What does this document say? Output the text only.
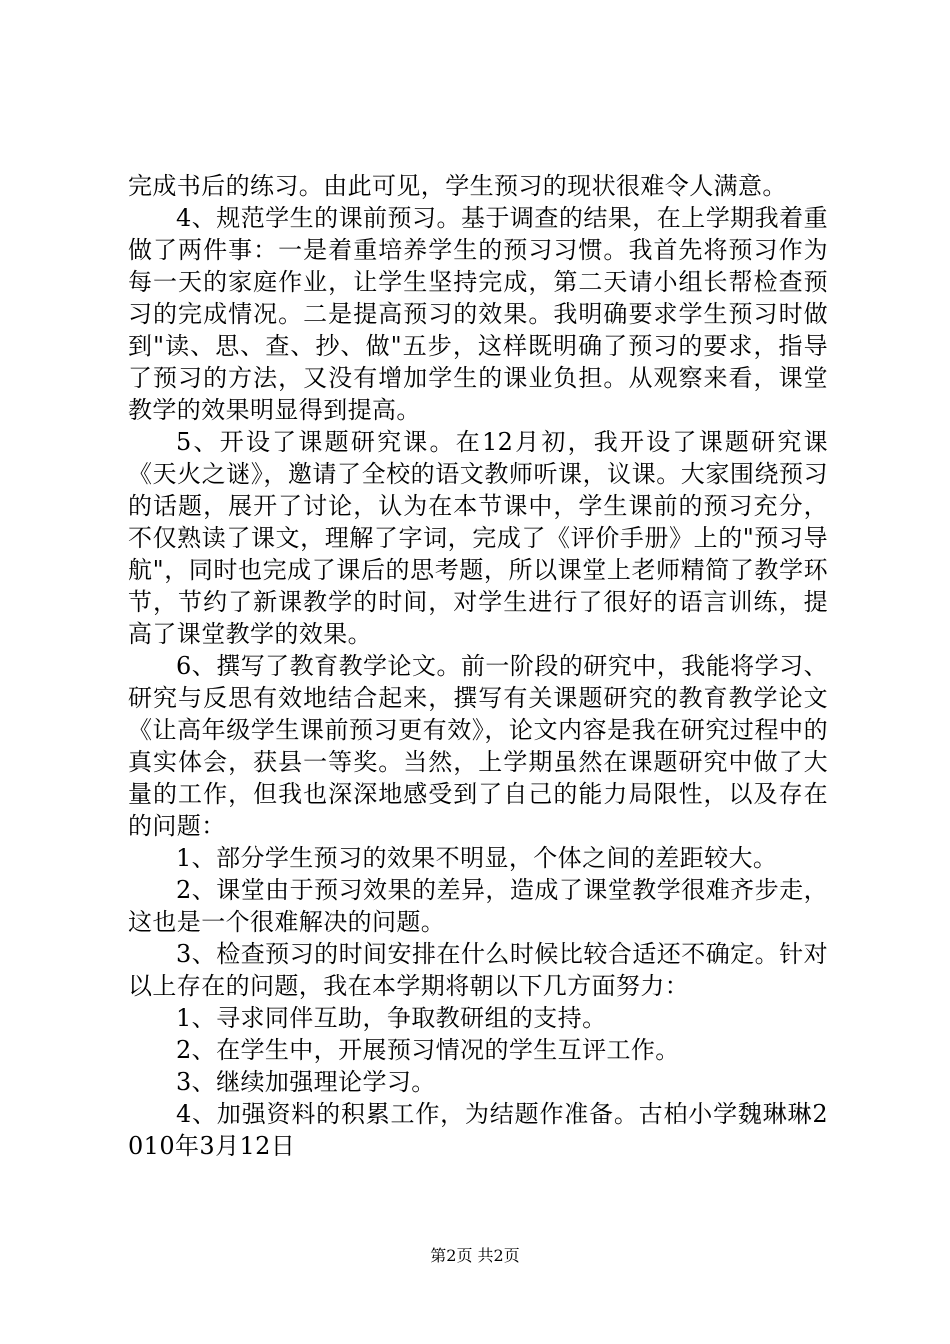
完成书后的练习。由此可见，学生预习的现状很难令人满意。

4、规范学生的课前预习。基于调查的结果，在上学期我着重做了两件事：一是着重培养学生的预习习惯。我首先将预习作为每一天的家庭作业，让学生坚持完成，第二天请小组长帮检查预习的完成情况。二是提高预习的效果。我明确要求学生预习时做到"读、思、查、抄、做"五步，这样既明确了预习的要求，指导了预习的方法，又没有增加学生的课业负担。从观察来看，课堂教学的效果明显得到提高。

5、开设了课题研究课。在12月初，我开设了课题研究课《天火之谜》，邀请了全校的语文教师听课，议课。大家围绕预习的话题，展开了讨论，认为在本节课中，学生课前的预习充分，不仅熟读了课文，理解了字词，完成了《评价手册》上的"预习导航"，同时也完成了课后的思考题，所以课堂上老师精简了教学环节，节约了新课教学的时间，对学生进行了很好的语言训练，提高了课堂教学的效果。

6、撰写了教育教学论文。前一阶段的研究中，我能将学习、研究与反思有效地结合起来，撰写有关课题研究的教育教学论文《让高年级学生课前预习更有效》，论文内容是我在研究过程中的真实体会，获县一等奖。当然，上学期虽然在课题研究中做了大量的工作，但我也深深地感受到了自己的能力局限性，以及存在的问题：

1、部分学生预习的效果不明显，个体之间的差距较大。

2、课堂由于预习效果的差异，造成了课堂教学很难齐步走，这也是一个很难解决的问题。

3、检查预习的时间安排在什么时候比较合适还不确定。针对以上存在的问题，我在本学期将朝以下几方面努力：

1、寻求同伴互助，争取教研组的支持。

2、在学生中，开展预习情况的学生互评工作。

3、继续加强理论学习。

4、加强资料的积累工作，为结题作准备。古柏小学魏琳琳2010年3月12日

第2页 共2页
